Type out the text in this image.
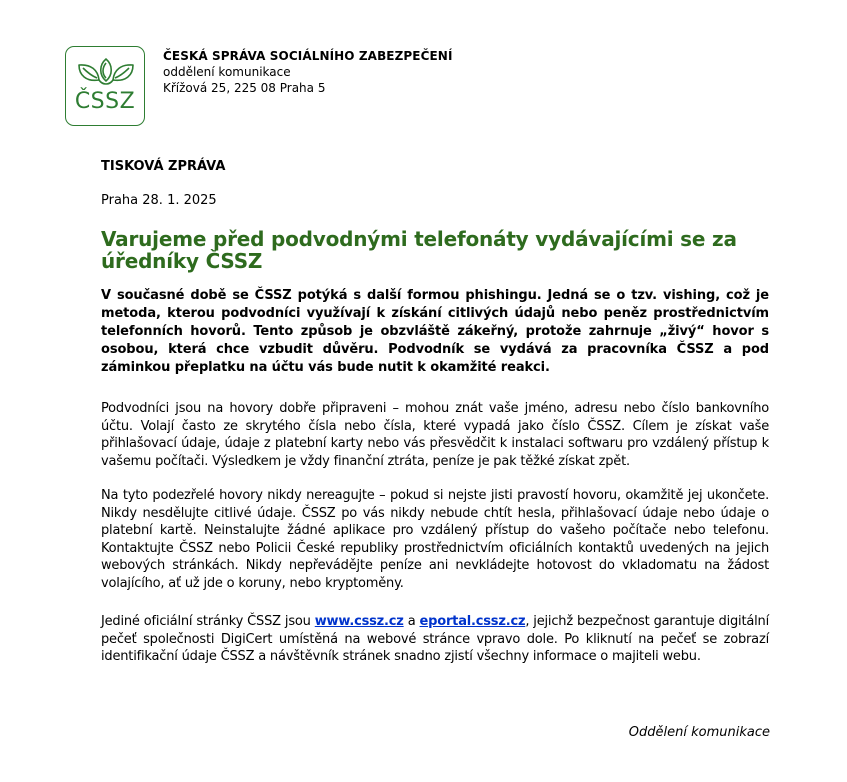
ČSSZ
ČESKÁ SPRÁVA SOCIÁLNÍHO ZABEZPEČENÍ
oddělení komunikace
Křížová 25, 225 08 Praha 5
TISKOVÁ ZPRÁVA
Praha 28. 1. 2025
Varujeme před podvodnými telefonáty vydávajícími se za úředníky ČSSZ
V současné době se ČSSZ potýká s další formou phishingu. Jedná se o tzv. vishing, což je metoda, kterou podvodníci využívají k získání citlivých údajů nebo peněz prostřednictvím telefonních hovorů. Tento způsob je obzvláště zákeřný, protože zahrnuje „živý“ hovor s osobou, která chce vzbudit důvěru. Podvodník se vydává za pracovníka ČSSZ a pod záminkou přeplatku na účtu vás bude nutit k okamžité reakci.
Podvodníci jsou na hovory dobře připraveni – mohou znát vaše jméno, adresu nebo číslo bankovního účtu. Volají často ze skrytého čísla nebo čísla, které vypadá jako číslo ČSSZ. Cílem je získat vaše přihlašovací údaje, údaje z platební karty nebo vás přesvědčit k instalaci softwaru pro vzdálený přístup k vašemu počítači. Výsledkem je vždy finanční ztráta, peníze je pak těžké získat zpět.
Na tyto podezřelé hovory nikdy nereagujte – pokud si nejste jisti pravostí hovoru, okamžitě jej ukončete. Nikdy nesdělujte citlivé údaje. ČSSZ po vás nikdy nebude chtít hesla, přihlašovací údaje nebo údaje o platební kartě. Neinstalujte žádné aplikace pro vzdálený přístup do vašeho počítače nebo telefonu. Kontaktujte ČSSZ nebo Policii České republiky prostřednictvím oficiálních kontaktů uvedených na jejich webových stránkách. Nikdy nepřevádějte peníze ani nevkládejte hotovost do vkladomatu na žádost volajícího, ať už jde o koruny, nebo kryptoměny.
Jediné oficiální stránky ČSSZ jsou www.cssz.cz a eportal.cssz.cz, jejichž bezpečnost garantuje digitální pečeť společnosti DigiCert umístěná na webové stránce vpravo dole. Po kliknutí na pečeť se zobrazí identifikační údaje ČSSZ a návštěvník stránek snadno zjistí všechny informace o majiteli webu.
Oddělení komunikace
